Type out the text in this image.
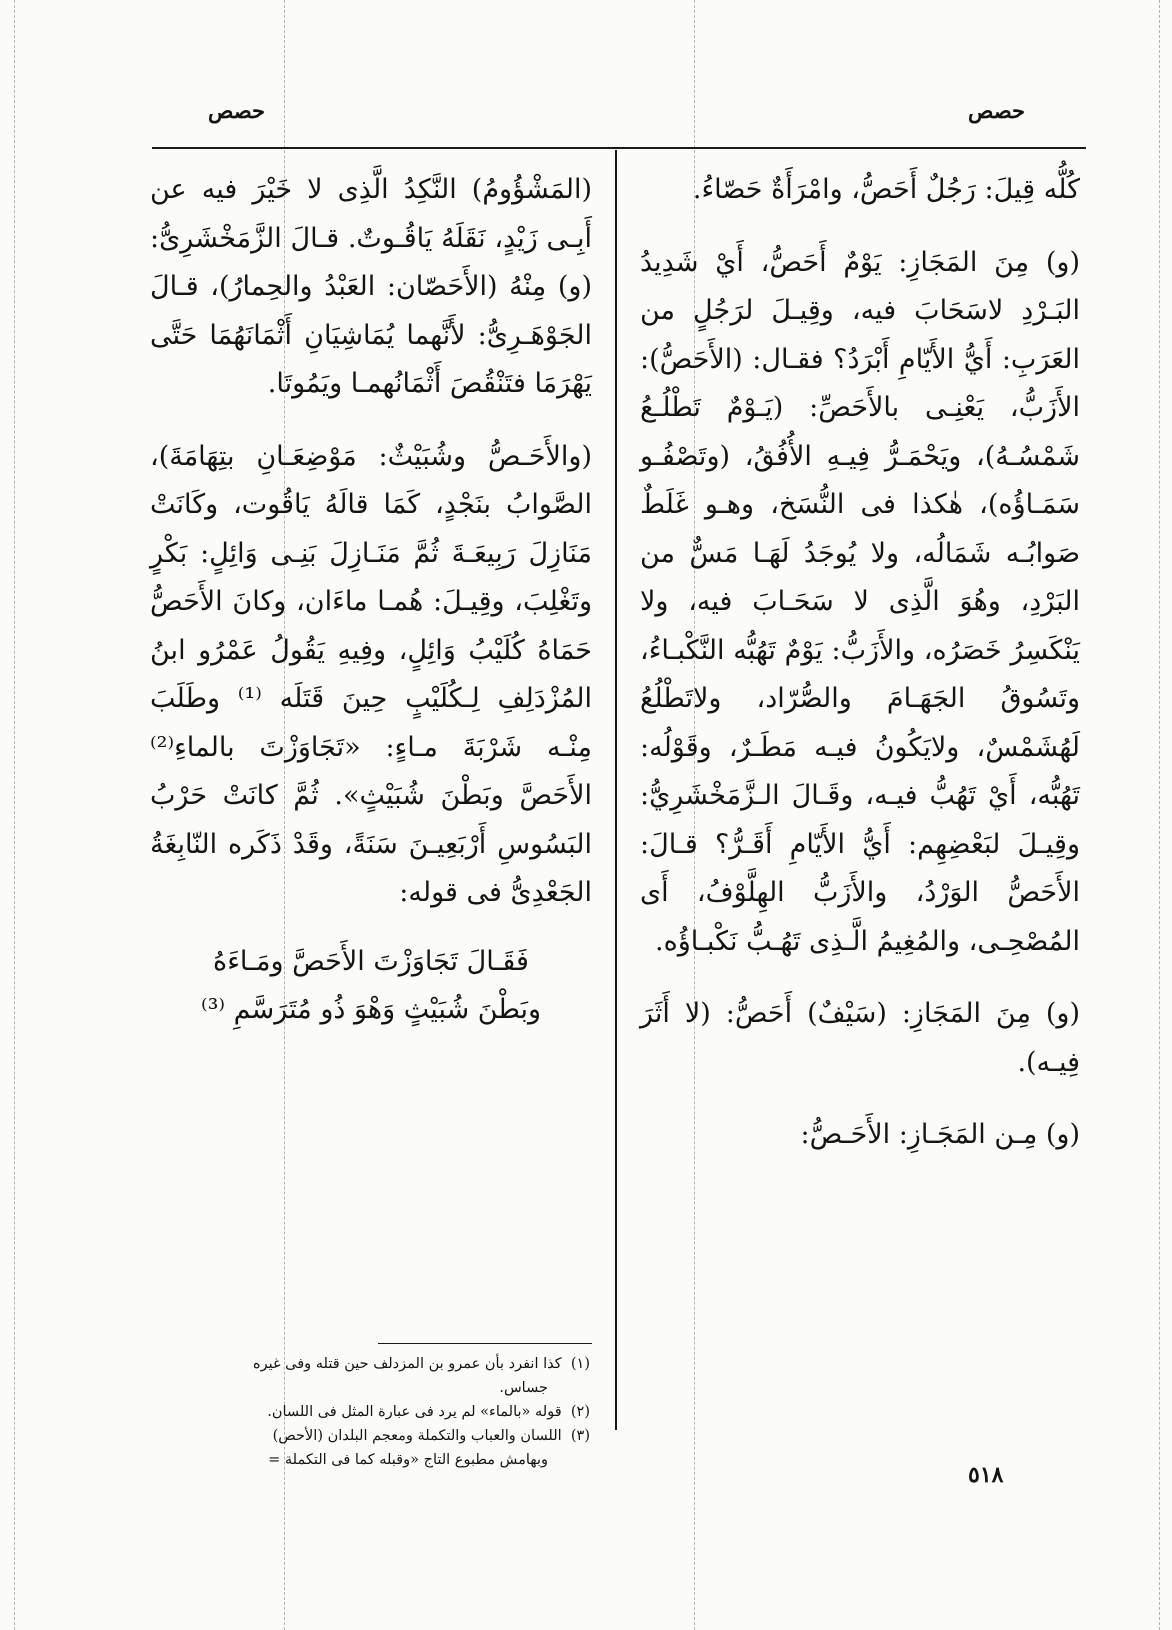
حصص
حصص

كُلُّه قِيلَ: رَجُلٌ أَحَصُّ، وامْرَأَةٌ حَصّاءُ.

(و) مِنَ المَجَازِ: يَوْمٌ أَحَصُّ، أَيْ شَدِيدُ البَـرْدِ لاسَحَابَ فيه، وقِيـلَ لرَجُلٍ من العَرَبِ: أَيُّ الأَيّامِ أَبْرَدُ؟ فقـال: (الأَحَصُّ): الأَزَبُّ، يَعْنِـى بالأَحَصِّ: (يَـوْمٌ تَطْلُـعُ شَمْسُـهُ)، ويَحْمَـرُّ فِيـهِ الأُفُقُ، (وتَصْفُـو سَمَـاؤُه)، هٰكذا فى النُّسَخ، وهـو غَلَطٌ صَوابُـه شَمَالُه، ولا يُوجَدُ لَهَـا مَسٌّ من البَرْدِ، وهُوَ الَّذِى لا سَحَـابَ فيه، ولا يَنْكَسِرُ خَصَرُه، والأَزَبُّ: يَوْمٌ تَهُبُّه النَّكْبـاءُ، وتَسُوقُ الجَهَـامَ والصُّرّاد، ولاتَطْلُعُ لَهُشَمْسٌ، ولايَكُونُ فيـه مَطَـرٌ، وقَوْلُه: تَهُبُّه، أَيْ تَهُبُّ فيـه، وقَـالَ الـزَّمَخْشَرِيُّ: وقِيـلَ لبَعْضِهِم: أَيُّ الأَيّامِ أَقَـرُّ؟ قـالَ: الأَحَصُّ الوَرْدُ، والأَزَبُّ الهِلَّوْفُ، أَى المُصْحِـى، والمُغِيمُ الَّـذِى تَهُـبُّ نَكْبـاؤُه.

(و) مِنَ المَجَازِ: (سَيْفٌ) أَحَصُّ: (لا أَثَرَ فِيـه).

(و) مِـن المَجَـازِ: الأَحَـصُّ:

(المَشْؤُومُ) النَّكِدُ الَّذِى لا خَيْرَ فيه عن أَبِـى زَيْدٍ، نَقَلَهُ يَاقُـوتٌ. قـالَ الزَّمَخْشَرِىُّ: (و) مِنْهُ (الأَحَصّان: العَبْدُ والحِمارُ)، قـالَ الجَوْهَـرِىُّ: لأَنَّهما يُمَاشِيَانِ أَثْمَانَهُمَا حَتَّى يَهْرَمَا فتَنْقُصَ أَثْمَانُهمـا ويَمُوتَا.

(والأَحَـصُّ وشُبَيْثٌ: مَوْضِعَـانِ بتِهَامَةَ)، الصَّوابُ بنَجْدٍ، كَمَا قالَهُ يَاقُوت، وكَانَتْ مَنَازِلَ رَبِيعَـةَ ثُمَّ مَنَـازِلَ بَنِـى وَائِلٍ: بَكْرٍ وتَغْلِبَ، وقِيـلَ: هُمـا ماءَان، وكانَ الأَحَصُّ حَمَاهُ كُلَيْبُ وَائِلٍ، وفِيهِ يَقُولُ عَمْرُو ابنُ المُزْدَلِفِ لِـكُلَيْبٍ حِينَ قَتَلَه ⁽¹⁾ وطَلَبَ مِنْـه شَرْبَةَ مـاءٍ: «تَجَاوَزْتَ بالماءِ⁽²⁾ الأَحَصَّ وبَطْنَ شُبَيْثٍ». ثُمَّ كانَتْ حَرْبُ البَسُوسِ أَرْبَعِيـنَ سَنَةً، وقَدْ ذَكَره النّابِغَةُ الجَعْدِىُّ فى قوله:

فَقَـالَ تَجَاوَزْتَ الأَحَصَّ ومَـاءَهُ

وبَطْنَ شُبَيْثٍ وَهْوَ ذُو مُتَرَسَّمِ ⁽³⁾

(١)  كذا انفرد بأن عمرو بن المزدلف حين قتله وفى غيره
جساس.
(٢)  قوله «بالماء» لم يرد فى عبارة المثل فى اللسان.
(٣)  اللسان والعباب والتكملة ومعجم البلدان (الأحص)
وبهامش مطبوع التاج «وقبله كما فى التكملة =
٥١٨
